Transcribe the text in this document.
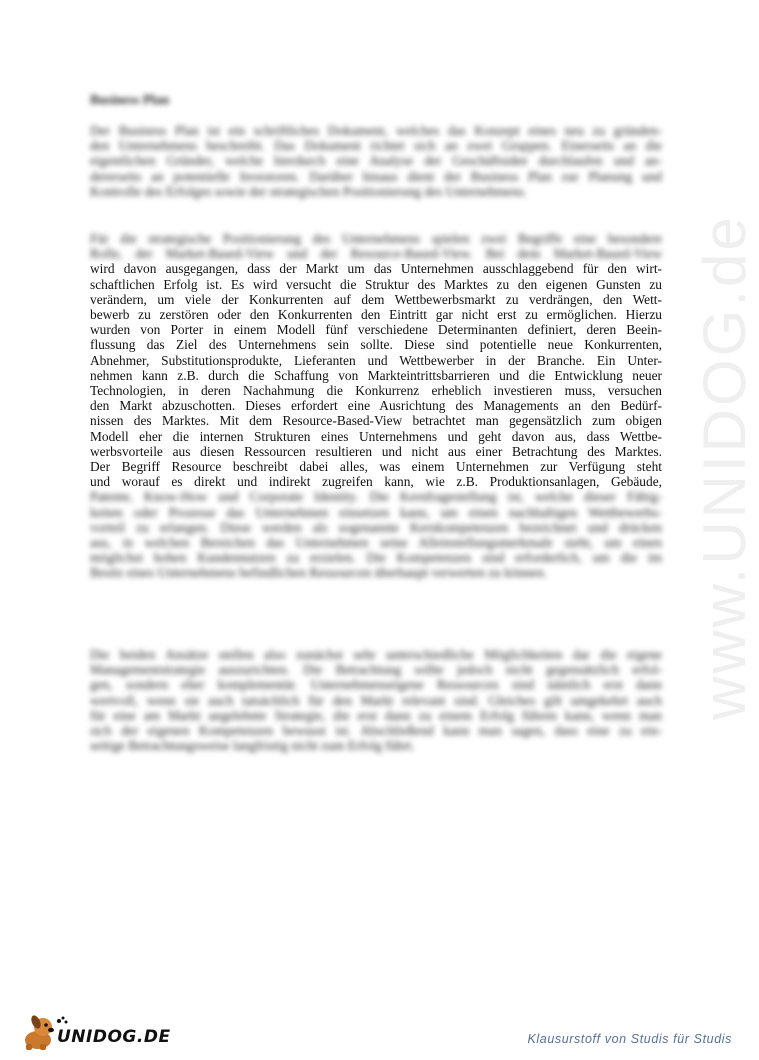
www.UNIDOG.de
Business Plan
Der Business Plan ist ein schriftliches Dokument, welches das Konzept eines neu zu gründen-
den Unternehmens beschreibt. Das Dokument richtet sich an zwei Gruppen. Einerseits an die
eigentlichen Gründer, welche hierdurch eine Analyse der Geschäftsidee durchlaufen und an-
dererseits an potentielle Investoren. Darüber hinaus dient der Business Plan zur Planung und
Kontrolle des Erfolges sowie der strategischen Positionierung des Unternehmens.
Für die strategische Positionierung des Unternehmens spielen zwei Begriffe eine besondere
Rolle, der Market-Based-View und der Resource-Based-View. Bei dem Market-Based-View
wird davon ausgegangen, dass der Markt um das Unternehmen ausschlaggebend für den wirt-
schaftlichen Erfolg ist. Es wird versucht die Struktur des Marktes zu den eigenen Gunsten zu
verändern, um viele der Konkurrenten auf dem Wettbewerbsmarkt zu verdrängen, den Wett-
bewerb zu zerstören oder den Konkurrenten den Eintritt gar nicht erst zu ermöglichen. Hierzu
wurden von Porter in einem Modell fünf verschiedene Determinanten definiert, deren Beein-
flussung das Ziel des Unternehmens sein sollte. Diese sind potentielle neue Konkurrenten,
Abnehmer, Substitutionsprodukte, Lieferanten und Wettbewerber in der Branche. Ein Unter-
nehmen kann z.B. durch die Schaffung von Markteintrittsbarrieren und die Entwicklung neuer
Technologien, in deren Nachahmung die Konkurrenz erheblich investieren muss, versuchen
den Markt abzuschotten. Dieses erfordert eine Ausrichtung des Managements an den Bedürf-
nissen des Marktes. Mit dem Resource-Based-View betrachtet man gegensätzlich zum obigen
Modell eher die internen Strukturen eines Unternehmens und geht davon aus, dass Wettbe-
werbsvorteile aus diesen Ressourcen resultieren und nicht aus einer Betrachtung des Marktes.
Der Begriff Resource beschreibt dabei alles, was einem Unternehmen zur Verfügung steht
und worauf es direkt und indirekt zugreifen kann, wie z.B. Produktionsanlagen, Gebäude,
Patente, Know-How und Corporate Identity. Die Kernfragestellung ist, welche dieser Fähig-
keiten oder Prozesse das Unternehmen einsetzen kann, um einen nachhaltigen Wettbewerbs-
vorteil zu erlangen. Diese werden als sogenannte Kernkompetenzen bezeichnet und drücken
aus, in welchen Bereichen das Unternehmen seine Alleinstellungsmerkmale sieht, um einen
möglichst hohen Kundennutzen zu erzielen. Die Kompetenzen sind erforderlich, um die im
Besitz eines Unternehmens befindlichen Ressourcen überhaupt verwerten zu können.
Die beiden Ansätze stellen also zunächst sehr unterschiedliche Möglichkeiten dar die eigene
Managementstrategie auszurichten. Die Betrachtung sollte jedoch nicht gegensätzlich erfol-
gen, sondern eher komplementär. Unternehmenseigene Ressourcen sind nämlich erst dann
wertvoll, wenn sie auch tatsächlich für den Markt relevant sind. Gleiches gilt umgekehrt auch
für eine am Markt angelehnte Strategie, die erst dann zu einem Erfolg führen kann, wenn man
sich der eigenen Kompetenzen bewusst ist. Abschließend kann man sagen, dass eine zu ein-
seitige Betrachtungsweise langfristig nicht zum Erfolg führt.
UNIDOG.DE	Klausurstoff von Studis für Studis
